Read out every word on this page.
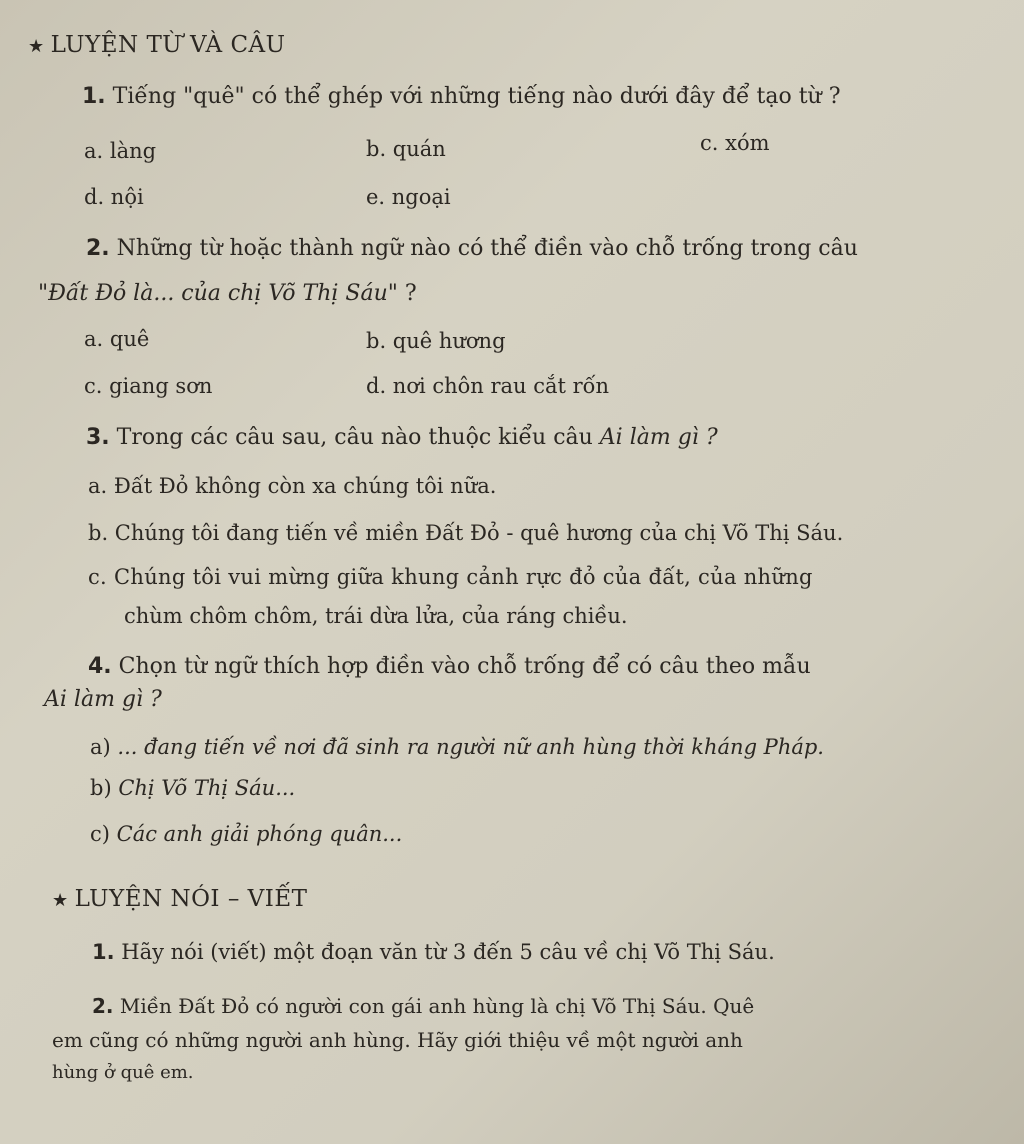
★ LUYỆN TỪ VÀ CÂU
1. Tiếng "quê" có thể ghép với những tiếng nào dưới đây để tạo từ ?
a. làng	b. quán	c. xóm
d. nội	e. ngoại
2. Những từ hoặc thành ngữ nào có thể điền vào chỗ trống trong câu
"Đất Đỏ là... của chị Võ Thị Sáu" ?
a. quê	b. quê hương
c. giang sơn	d. nơi chôn rau cắt rốn
3. Trong các câu sau, câu nào thuộc kiểu câu Ai làm gì ?
a. Đất Đỏ không còn xa chúng tôi nữa.
b. Chúng tôi đang tiến về miền Đất Đỏ - quê hương của chị Võ Thị Sáu.
c. Chúng tôi vui mừng giữa khung cảnh rực đỏ của đất, của những
chùm chôm chôm, trái dừa lửa, của ráng chiều.
4. Chọn từ ngữ thích hợp điền vào chỗ trống để có câu theo mẫu
Ai làm gì ?
a) ... đang tiến về nơi đã sinh ra người nữ anh hùng thời kháng Pháp.
b) Chị Võ Thị Sáu...
c) Các anh giải phóng quân...
★ LUYỆN NÓI – VIẾT
1. Hãy nói (viết) một đoạn văn từ 3 đến 5 câu về chị Võ Thị Sáu.
2. Miền Đất Đỏ có người con gái anh hùng là chị Võ Thị Sáu. Quê
em cũng có những người anh hùng. Hãy giới thiệu về một người anh
hùng ở quê em.
